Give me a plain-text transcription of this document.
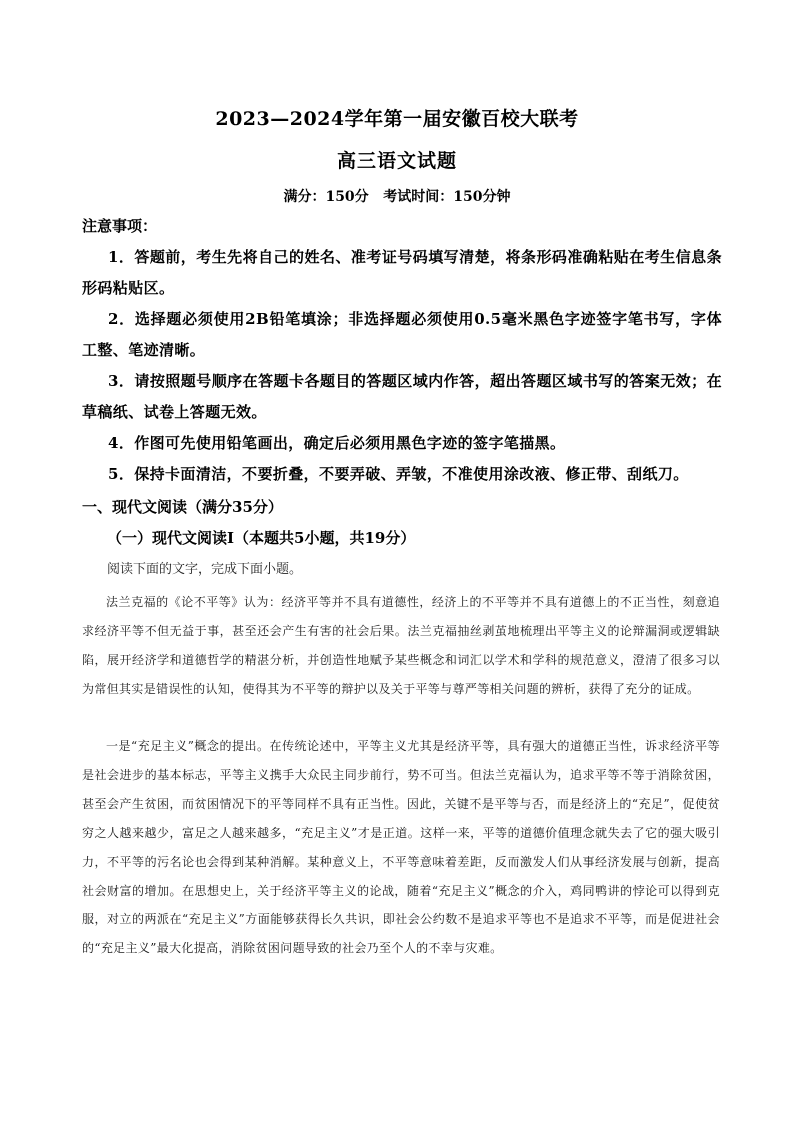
2023—2024学年第一届安徽百校大联考
高三语文试题
满分：150分   考试时间：150分钟

注意事项：

1．答题前，考生先将自己的姓名、准考证号码填写清楚，将条形码准确粘贴在考生信息条形码粘贴区。

2．选择题必须使用2B铅笔填涂；非选择题必须使用0.5毫米黑色字迹签字笔书写，字体工整、笔迹清晰。

3．请按照题号顺序在答题卡各题目的答题区域内作答，超出答题区域书写的答案无效；在草稿纸、试卷上答题无效。

4．作图可先使用铅笔画出，确定后必须用黑色字迹的签字笔描黑。

5．保持卡面清洁，不要折叠，不要弄破、弄皱，不准使用涂改液、修正带、刮纸刀。

一、现代文阅读（满分35分）

（一）现代文阅读Ⅰ（本题共5小题，共19分）

阅读下面的文字，完成下面小题。

法兰克福的《论不平等》认为：经济平等并不具有道德性，经济上的不平等并不具有道德上的不正当性，刻意追求经济平等不但无益于事，甚至还会产生有害的社会后果。法兰克福抽丝剥茧地梳理出平等主义的论辩漏洞或逻辑缺陷，展开经济学和道德哲学的精湛分析，并创造性地赋予某些概念和词汇以学术和学科的规范意义，澄清了很多习以为常但其实是错误性的认知，使得其为不平等的辩护以及关于平等与尊严等相关问题的辨析，获得了充分的证成。

一是“充足主义”概念的提出。在传统论述中，平等主义尤其是经济平等，具有强大的道德正当性，诉求经济平等是社会进步的基本标志，平等主义携手大众民主同步前行，势不可当。但法兰克福认为，追求平等不等于消除贫困，甚至会产生贫困，而贫困情况下的平等同样不具有正当性。因此，关键不是平等与否，而是经济上的“充足”，促使贫穷之人越来越少，富足之人越来越多，“充足主义”才是正道。这样一来，平等的道德价值理念就失去了它的强大吸引力，不平等的污名论也会得到某种消解。某种意义上，不平等意味着差距，反而激发人们从事经济发展与创新，提高社会财富的增加。在思想史上，关于经济平等主义的论战，随着“充足主义”概念的介入，鸡同鸭讲的悖论可以得到克服，对立的两派在“充足主义”方面能够获得长久共识，即社会公约数不是追求平等也不是追求不平等，而是促进社会的“充足主义”最大化提高，消除贫困问题导致的社会乃至个人的不幸与灾难。
